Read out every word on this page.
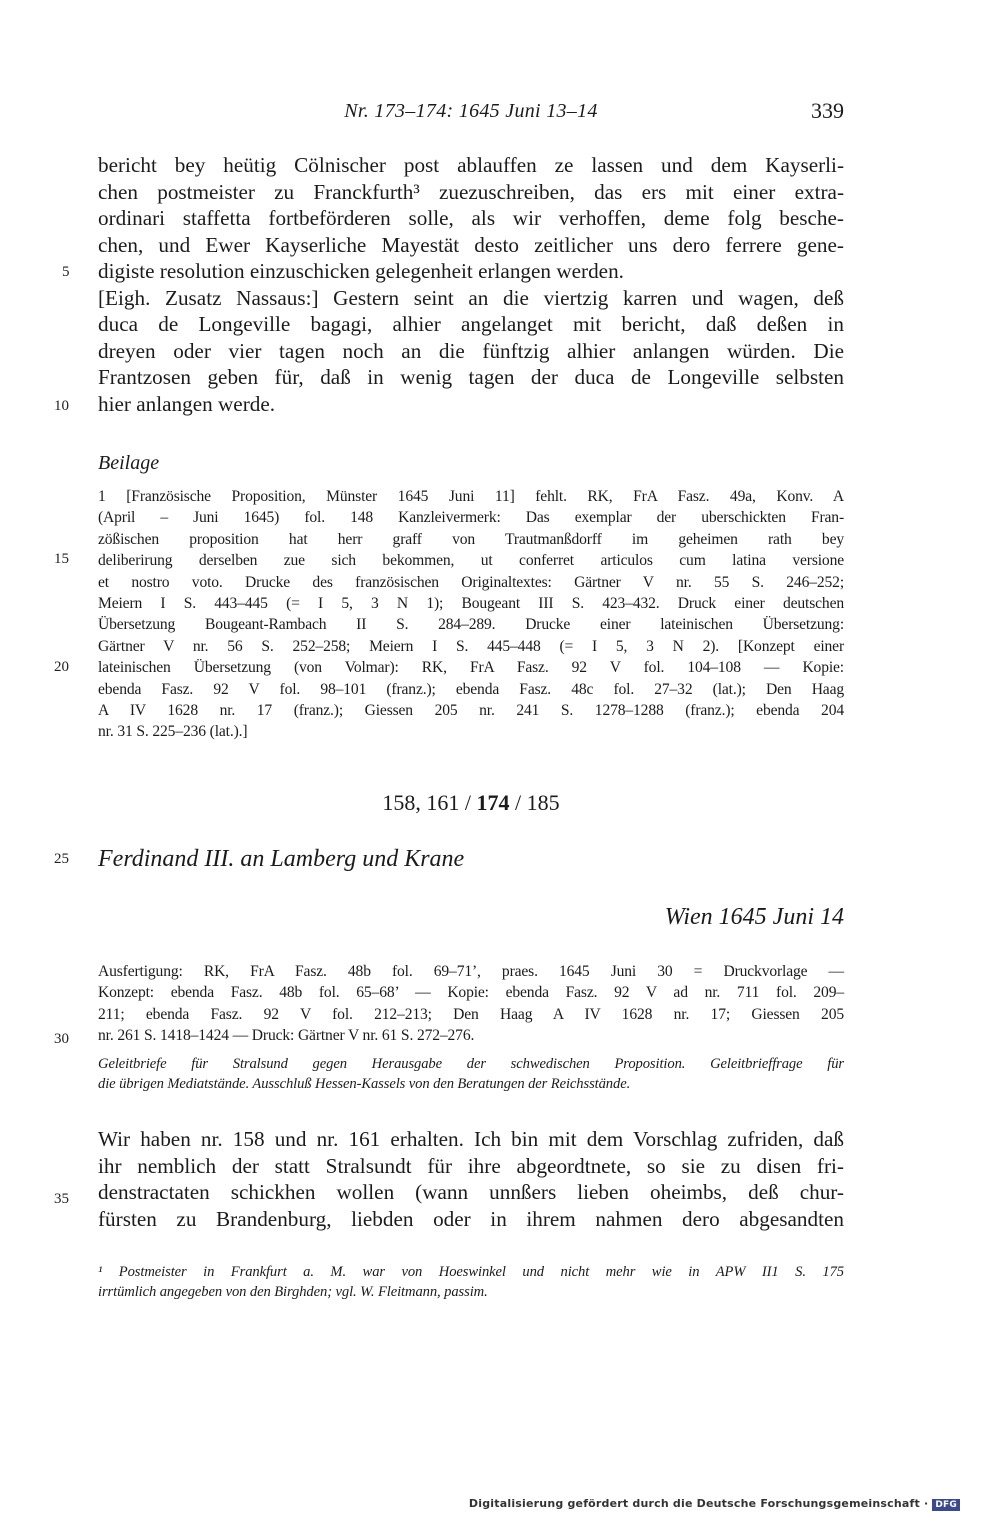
Nr. 173–174: 1645 Juni 13–14	339
bericht bey heütig Cölnischer post ablauffen ze lassen und dem Kayserli-
chen postmeister zu Franckfurth³ zuezuschreiben, das ers mit einer extra-
ordinari staffetta fortbeförderen solle, als wir verhoffen, deme folg besche-
chen, und Ewer Kayserliche Mayestät desto zeitlicher uns dero ferrere gene-
digiste resolution einzuschicken gelegenheit erlangen werden.
[Eigh. Zusatz Nassaus:] Gestern seint an die viertzig karren und wagen, deß
duca de Longeville bagagi, alhier angelanget mit bericht, daß deßen in
dreyen oder vier tagen noch an die fünftzig alhier anlangen würden. Die
Frantzosen geben für, daß in wenig tagen der duca de Longeville selbsten
hier anlangen werde.
5
10
15
20
25
30
35
Beilage
1 [Französische Proposition, Münster 1645 Juni 11] fehlt. RK, FrA Fasz. 49a, Konv. A
(April – Juni 1645) fol. 148 Kanzleivermerk: Das exemplar der uberschickten Fran-
zößischen proposition hat herr graff von Trautmanßdorff im geheimen rath bey
deliberirung derselben zue sich bekommen, ut conferret articulos cum latina versione
et nostro voto. Drucke des französischen Originaltextes: Gärtner V nr. 55 S. 246–252;
Meiern I S. 443–445 (= I 5, 3 N 1); Bougeant III S. 423–432. Druck einer deutschen
Übersetzung Bougeant-Rambach II S. 284–289. Drucke einer lateinischen Übersetzung:
Gärtner V nr. 56 S. 252–258; Meiern I S. 445–448 (= I 5, 3 N 2). [Konzept einer
lateinischen Übersetzung (von Volmar): RK, FrA Fasz. 92 V fol. 104–108 — Kopie:
ebenda Fasz. 92 V fol. 98–101 (franz.); ebenda Fasz. 48c fol. 27–32 (lat.); Den Haag
A IV 1628 nr. 17 (franz.); Giessen 205 nr. 241 S. 1278–1288 (franz.); ebenda 204
nr. 31 S. 225–236 (lat.).]
158, 161 / 174 / 185
Ferdinand III. an Lamberg und Krane
Wien 1645 Juni 14
Ausfertigung: RK, FrA Fasz. 48b fol. 69–71’, praes. 1645 Juni 30 = Druckvorlage —
Konzept: ebenda Fasz. 48b fol. 65–68’ — Kopie: ebenda Fasz. 92 V ad nr. 711 fol. 209–
211; ebenda Fasz. 92 V fol. 212–213; Den Haag A IV 1628 nr. 17; Giessen 205
nr. 261 S. 1418–1424 — Druck: Gärtner V nr. 61 S. 272–276.
Geleitbriefe für Stralsund gegen Herausgabe der schwedischen Proposition. Geleitbrieffrage für
die übrigen Mediatstände. Ausschluß Hessen-Kassels von den Beratungen der Reichsstände.
Wir haben nr. 158 und nr. 161 erhalten. Ich bin mit dem Vorschlag zufriden, daß
ihr nemblich der statt Stralsundt für ihre abgeordtnete, so sie zu disen fri-
denstractaten schickhen wollen (wann unnßers lieben oheimbs, deß chur-
fürsten zu Brandenburg, liebden oder in ihrem nahmen dero abgesandten
¹ Postmeister in Frankfurt a. M. war von Hoeswinkel und nicht mehr wie in APW II1 S. 175
irrtümlich angegeben von den Birghden; vgl. W. Fleitmann, passim.
Digitalisierung gefördert durch die Deutsche Forschungsgemeinschaft · DFG
